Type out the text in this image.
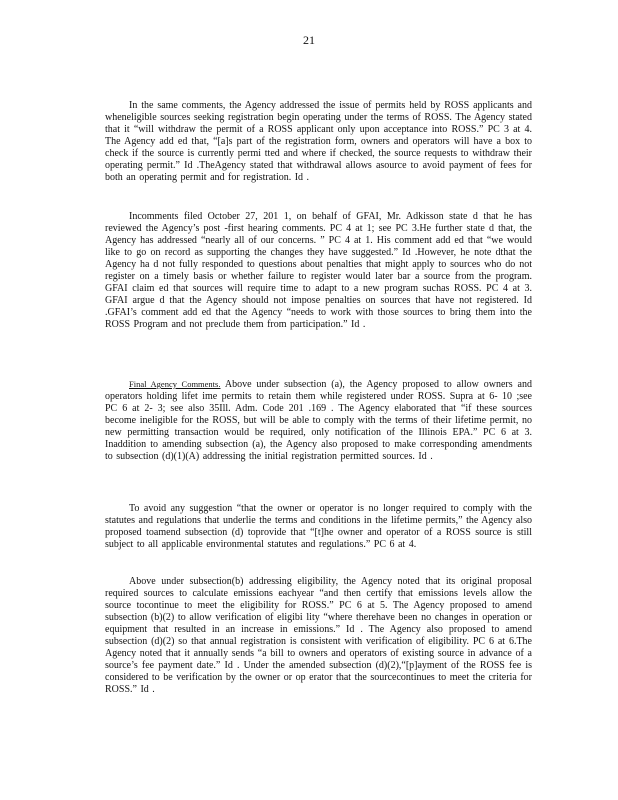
21
In the same comments, the Agency addressed the issue of permits held by ROSS applicants and wheneligible sources seeking registration begin operating under the terms of ROSS. The Agency stated that it “will withdraw the permit of a ROSS applicant only upon acceptance into ROSS.” PC 3 at 4. The Agency add ed that, “[a]s part of the registration form, owners and operators will have a box to check if the source is currently permi tted and where if checked, the source requests to withdraw their operating permit.” Id .TheAgency stated that withdrawal allows asource to avoid payment of fees for both an operating permit and for registration. Id .
Incomments filed October 27, 201 1, on behalf of GFAI, Mr. Adkisson state d that he has reviewed the Agency’s post -first hearing comments. PC 4 at 1; see PC 3.He further state d that, the Agency has addressed “nearly all of our concerns. ” PC 4 at 1. His comment add ed that “we would like to go on record as supporting the changes they have suggested.” Id .However, he note dthat the Agency ha d not fully responded to questions about penalties that might apply to sources who do not register on a timely basis or whether failure to register would later bar a source from the program. GFAI claim ed that sources will require time to adapt to a new program suchas ROSS. PC 4 at 3. GFAI argue d that the Agency should not impose penalties on sources that have not registered. Id .GFAI’s comment add ed that the Agency “needs to work with those sources to bring them into the ROSS Program and not preclude them from participation.” Id .
Final Agency Comments. Above under subsection (a), the Agency proposed to allow owners and operators holding lifet ime permits to retain them while registered under ROSS. Supra at 6- 10 ;see PC 6 at 2- 3; see also 35Ill. Adm. Code 201 .169 . The Agency elaborated that “if these sources become ineligible for the ROSS, but will be able to comply with the terms of their lifetime permit, no new permitting transaction would be required, only notification of the Illinois EPA.” PC 6 at 3. Inaddition to amending subsection (a), the Agency also proposed to make corresponding amendments to subsection (d)(1)(A) addressing the initial registration permitted sources. Id .
To avoid any suggestion “that the owner or operator is no longer required to comply with the statutes and regulations that underlie the terms and conditions in the lifetime permits,” the Agency also proposed toamend subsection (d) toprovide that “[t]he owner and operator of a ROSS source is still subject to all applicable environmental statutes and regulations.” PC 6 at 4.
Above under subsection(b) addressing eligibility, the Agency noted that its original proposal required sources to calculate emissions eachyear “and then certify that emissions levels allow the source tocontinue to meet the eligibility for ROSS.” PC 6 at 5. The Agency proposed to amend subsection (b)(2) to allow verification of eligibi lity “where therehave been no changes in operation or equipment that resulted in an increase in emissions.” Id . The Agency also proposed to amend subsection (d)(2) so that annual registration is consistent with verification of eligibility. PC 6 at 6.The Agency noted that it annually sends “a bill to owners and operators of existing source in advance of a source’s fee payment date.” Id . Under the amended subsection (d)(2),“[p]ayment of the ROSS fee is considered to be verification by the owner or op erator that the sourcecontinues to meet the criteria for ROSS.” Id .
